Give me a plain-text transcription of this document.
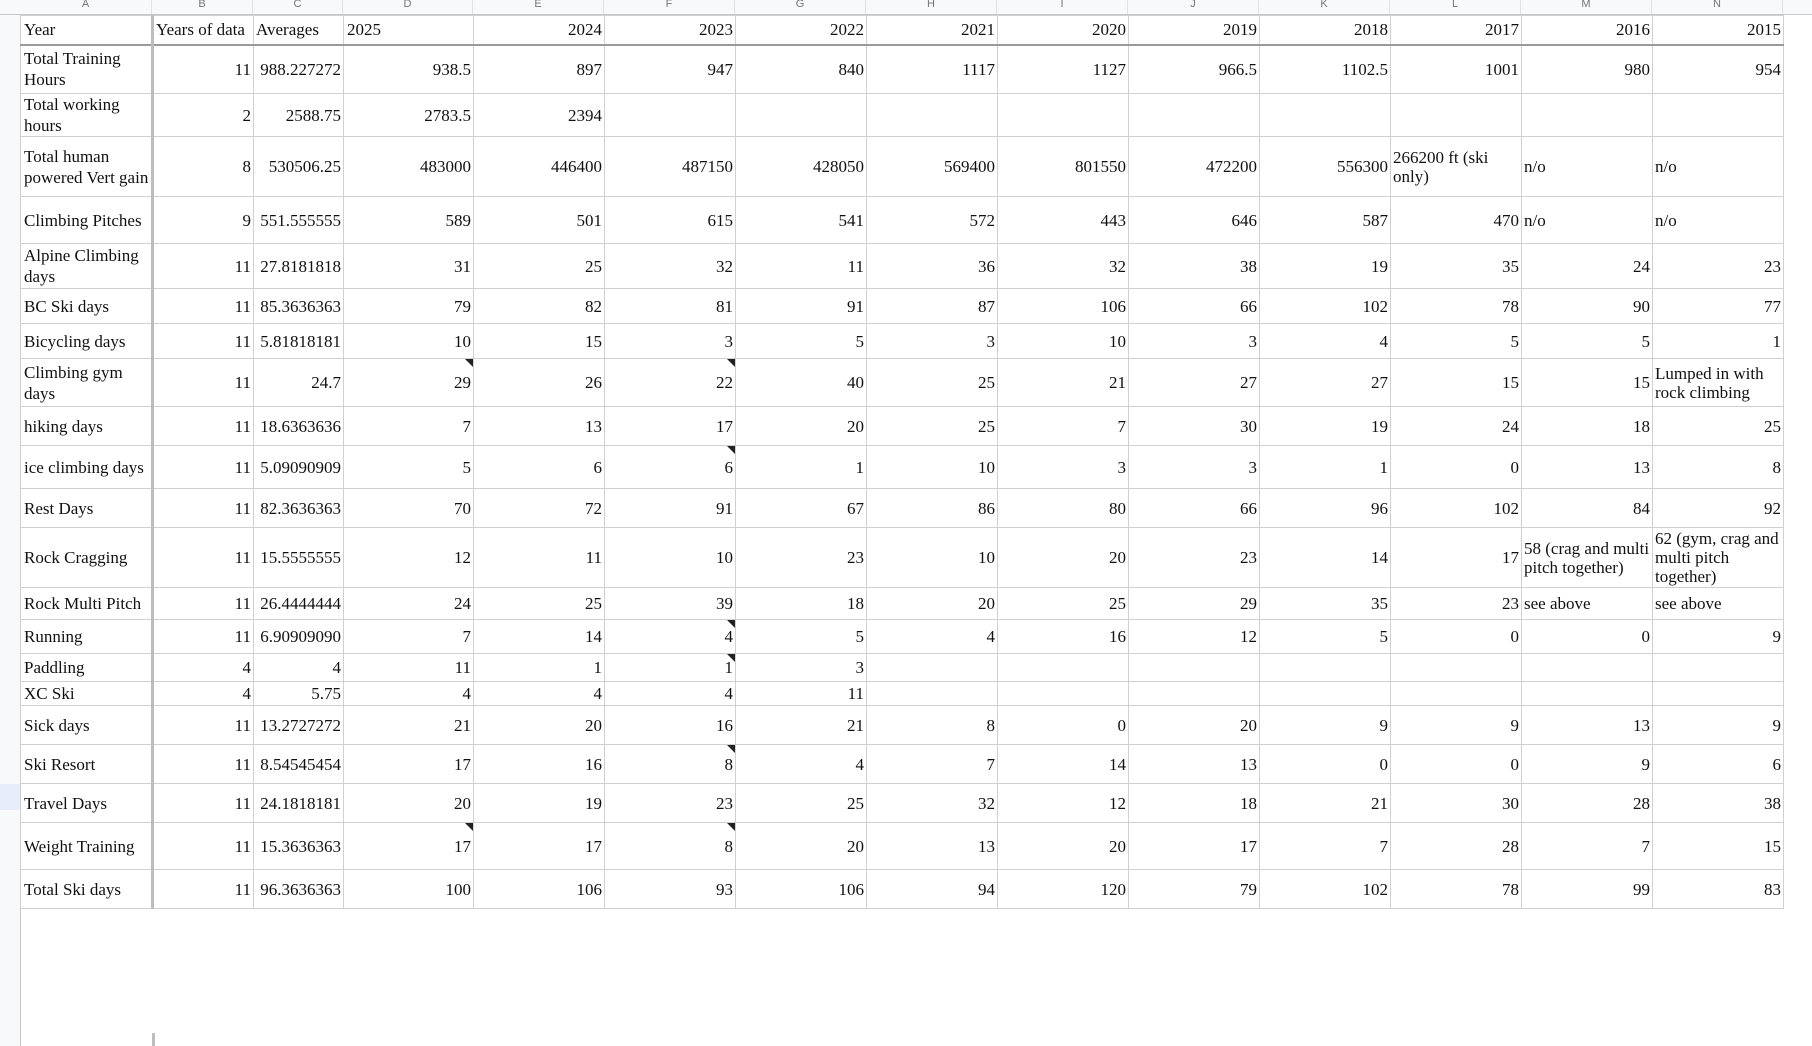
A	B	C	D	E	F	G	H	I	J	K	L	M	N
Year	Years of data	Averages	2025	2024	2023	2022	2021	2020	2019	2018	2017	2016	2015

Total Training Hours	11	988.227272	938.5	897	947	840	1117	1127	966.5	1102.5	1001	980	954

Total working hours	2	2588.75	2783.5	2394									

Total human powered Vert gain	8	530506.25	483000	446400	487150	428050	569400	801550	472200	556300	266200 ft (ski only)	n/o	n/o

Climbing Pitches	9	551.555555	589	501	615	541	572	443	646	587	470	n/o	n/o

Alpine Climbing days	11	27.8181818	31	25	32	11	36	32	38	19	35	24	23

BC Ski days	11	85.3636363	79	82	81	91	87	106	66	102	78	90	77

Bicycling days	11	5.81818181	10	15	3	5	3	10	3	4	5	5	1

Climbing gym days	11	24.7	29	26	22	40	25	21	27	27	15	15	Lumped in with rock climbing

hiking days	11	18.6363636	7	13	17	20	25	7	30	19	24	18	25

ice climbing days	11	5.09090909	5	6	6	1	10	3	3	1	0	13	8

Rest Days	11	82.3636363	70	72	91	67	86	80	66	96	102	84	92

Rock Cragging	11	15.5555555	12	11	10	23	10	20	23	14	17	58 (crag and multi pitch together)	62 (gym, crag and multi pitch together)

Rock Multi Pitch	11	26.4444444	24	25	39	18	20	25	29	35	23	see above	see above

Running	11	6.90909090	7	14	4	5	4	16	12	5	0	0	9

Paddling	4	4	11	1	1	3							

XC Ski	4	5.75	4	4	4	11							

Sick days	11	13.2727272	21	20	16	21	8	0	20	9	9	13	9

Ski Resort	11	8.54545454	17	16	8	4	7	14	13	0	0	9	6

Travel Days	11	24.1818181	20	19	23	25	32	12	18	21	30	28	38

Weight Training	11	15.3636363	17	17	8	20	13	20	17	7	28	7	15

Total Ski days	11	96.3636363	100	106	93	106	94	120	79	102	78	99	83
